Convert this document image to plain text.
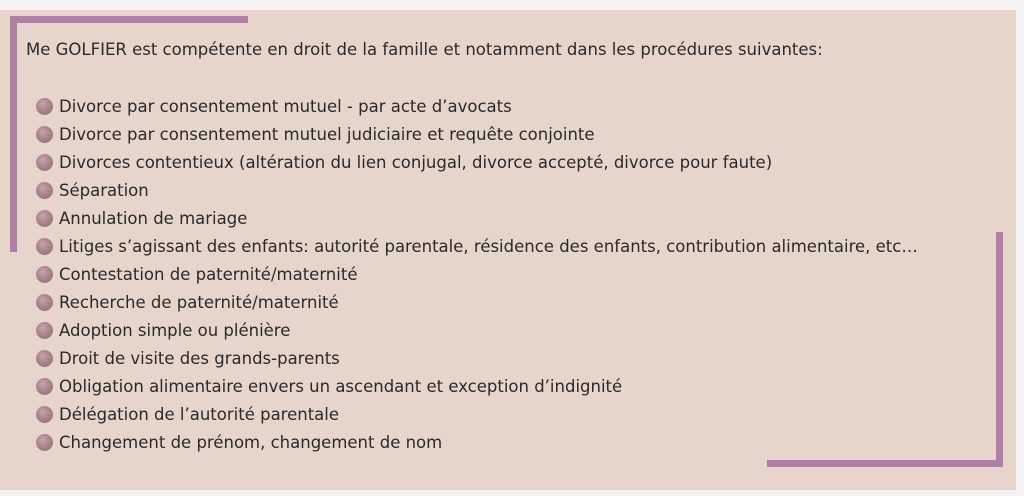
Me GOLFIER est compétente en droit de la famille et notamment dans les procédures suivantes:

Divorce par consentement mutuel - par acte d’avocats
Divorce par consentement mutuel judiciaire et requête conjointe
Divorces contentieux (altération du lien conjugal, divorce accepté, divorce pour faute)
Séparation
Annulation de mariage
Litiges s’agissant des enfants: autorité parentale, résidence des enfants, contribution alimentaire, etc…
Contestation de paternité/maternité
Recherche de paternité/maternité
Adoption simple ou plénière
Droit de visite des grands-parents
Obligation alimentaire envers un ascendant et exception d’indignité
Délégation de l’autorité parentale
Changement de prénom, changement de nom
